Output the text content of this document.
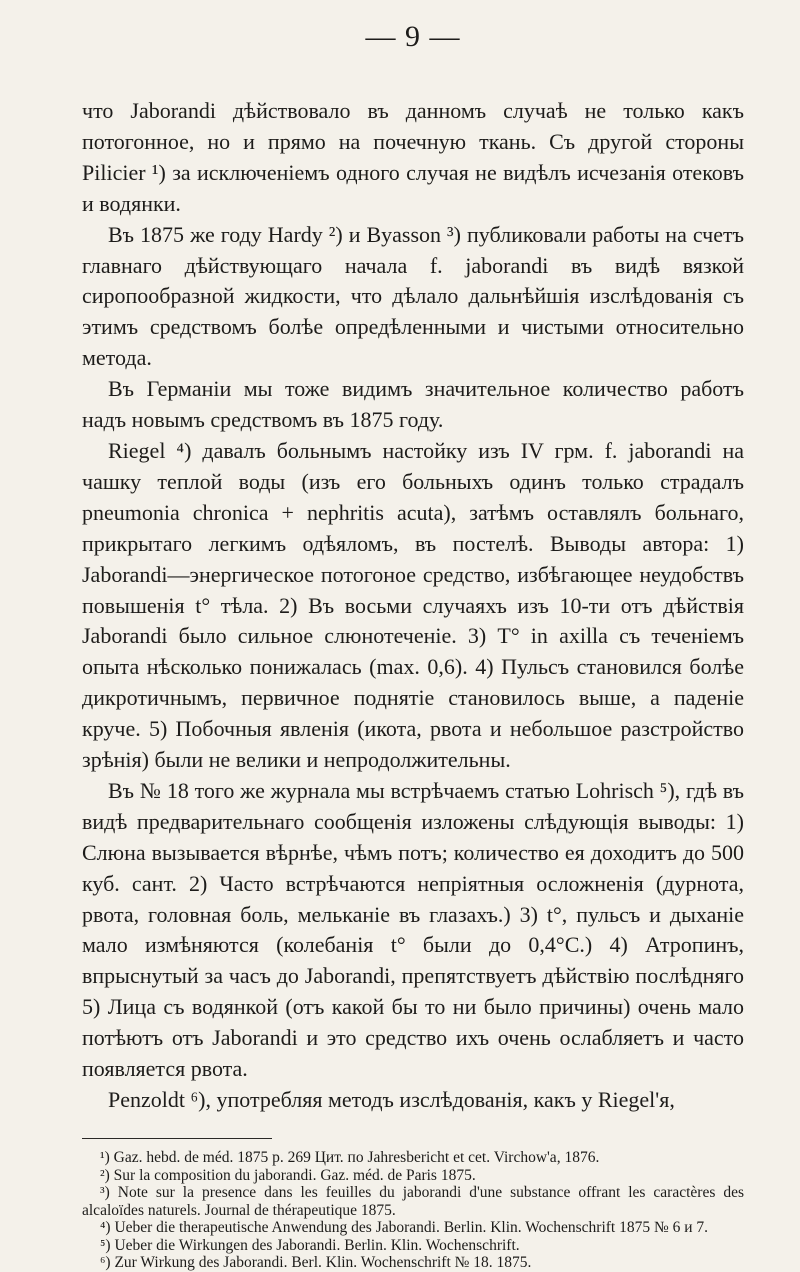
— 9 —

что Jaborandi дѣйствовало въ данномъ случаѣ не только какъ потогонное, но и прямо на почечную ткань. Съ другой стороны Pilicier ¹) за исключеніемъ одного случая не видѣлъ исчезанія отековъ и водянки.

Въ 1875 же году Hardy ²) и Byasson ³) публиковали работы на счетъ главнаго дѣйствующаго начала f. jaborandi въ видѣ вязкой сиропообразной жидкости, что дѣлало дальнѣйшія изслѣдованія съ этимъ средствомъ болѣе опредѣленными и чистыми относительно метода.

Въ Германіи мы тоже видимъ значительное количество работъ надъ новымъ средствомъ въ 1875 году.

Riegel ⁴) давалъ больнымъ настойку изъ IV грм. f. jaborandi на чашку теплой воды (изъ его больныхъ одинъ только страдалъ pneumonia chronica + nephritis acuta), затѣмъ оставлялъ больнаго, прикрытаго легкимъ одѣяломъ, въ постелѣ. Выводы автора: 1) Jaborandi—энергическое потогоное средство, избѣгающее неудобствъ повышенія t° тѣла. 2) Въ восьми случаяхъ изъ 10-ти отъ дѣйствія Jaborandi было сильное слюнотеченіе. 3) T° in axilla съ теченіемъ опыта нѣсколько понижалась (max. 0,6). 4) Пульсъ становился болѣе дикротичнымъ, первичное поднятіе становилось выше, а паденіе круче. 5) Побочныя явленія (икота, рвота и небольшое разстройство зрѣнія) были не велики и непродолжительны.

Въ № 18 того же журнала мы встрѣчаемъ статью Lohrisch ⁵), гдѣ въ видѣ предварительнаго сообщенія изложены слѣдующія выводы: 1) Слюна вызывается вѣрнѣе, чѣмъ потъ; количество ея доходитъ до 500 куб. сант. 2) Часто встрѣчаются непріятныя осложненія (дурнота, рвота, головная боль, мельканіе въ глазахъ.) 3) t°, пульсъ и дыханіе мало измѣняются (колебанія t° были до 0,4°C.) 4) Атропинъ, впрыснутый за часъ до Jaborandi, препятствуетъ дѣйствію послѣдняго 5) Лица съ водянкой (отъ какой бы то ни было причины) очень мало потѣютъ отъ Jaborandi и это средство ихъ очень ослабляетъ и часто появляется рвота.

Penzoldt ⁶), употребляя методъ изслѣдованія, какъ у Riegel'я,

¹) Gaz. hebd. de méd. 1875 p. 269 Цит. по Jahresbericht et cet. Virchow'a, 1876.

²) Sur la composition du jaborandi. Gaz. méd. de Paris 1875.

³) Note sur la presence dans les feuilles du jaborandi d'une substance offrant les caractères des alcaloïdes naturels. Journal de thérapeutique 1875.

⁴) Ueber die therapeutische Anwendung des Jaborandi. Berlin. Klin. Wochenschrift 1875 № 6 и 7.

⁵) Ueber die Wirkungen des Jaborandi. Berlin. Klin. Wochenschrift.

⁶) Zur Wirkung des Jaborandi. Berl. Klin. Wochenschrift № 18. 1875.
